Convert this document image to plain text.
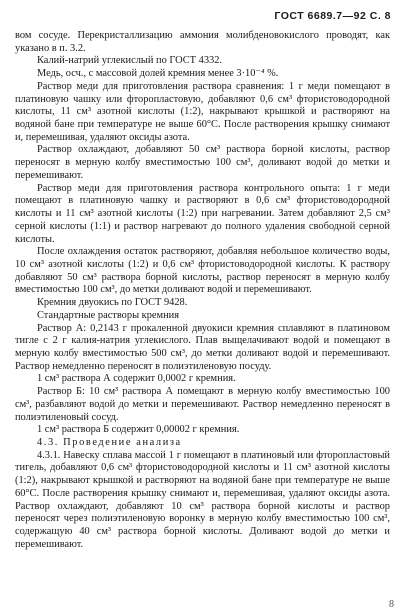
ГОСТ 6689.7—92 С. 8

вом сосуде. Перекристаллизацию аммония молибденовокислого проводят, как указано в п. 3.2.

Калий-натрий углекислый по ГОСТ 4332.

Медь, осч., с массовой долей кремния менее 3·10⁻⁴ %.

Раствор меди для приготовления раствора сравнения: 1 г меди помещают в платиновую чашку или фторопластовую, добавляют 0,6 см³ фтористоводородной кислоты, 11 см³ азотной кислоты (1:2), накрывают крышкой и растворяют на водяной бане при температуре не выше 60°С. После растворения крышку снимают и, перемешивая, удаляют оксиды азота.

Раствор охлаждают, добавляют 50 см³ раствора борной кислоты, раствор переносят в мерную колбу вместимостью 100 см³, доливают водой до метки и перемешивают.

Раствор меди для приготовления раствора контрольного опыта: 1 г меди помещают в платиновую чашку и растворяют в 0,6 см³ фтористоводородной кислоты и 11 см³ азотной кислоты (1:2) при нагревании. Затем добавляют 2,5 см³ серной кислоты (1:1) и раствор нагревают до полного удаления свободной серной кислоты.

После охлаждения остаток растворяют, добавляя небольшое количество воды, 10 см³ азотной кислоты (1:2) и 0,6 см³ фтористоводородной кислоты. К раствору добавляют 50 см³ раствора борной кислоты, раствор переносят в мерную колбу вместимостью 100 см³, до метки доливают водой и перемешивают.

Кремния двуокись по ГОСТ 9428.

Стандартные растворы кремния

Раствор А: 0,2143 г прокаленной двуокиси кремния сплавляют в платиновом тигле с 2 г калия-натрия углекислого. Плав выщелачивают водой и помещают в мерную колбу вместимостью 500 см³, до метки доливают водой и перемешивают. Раствор немедленно переносят в полиэтиленовую посуду.

1 см³ раствора А содержит 0,0002 г кремния.

Раствор Б: 10 см³ раствора А помещают в мерную колбу вместимостью 100 см³, разбавляют водой до метки и перемешивают. Раствор немедленно переносят в полиэтиленовый сосуд.

1 см³ раствора Б содержит 0,00002 г кремния.

4.3. Проведение анализа

4.3.1. Навеску сплава массой 1 г помещают в платиновый или фторопластовый тигель, добавляют 0,6 см³ фтористоводородной кислоты и 11 см³ азотной кислоты (1:2), накрывают крышкой и растворяют на водяной бане при температуре не выше 60°С. После растворения крышку снимают и, перемешивая, удаляют оксиды азота. Раствор охлаждают, добавляют 10 см³ раствора борной кислоты и раствор переносят через полиэтиленовую воронку в мерную колбу вместимостью 100 см³, содержащую 40 см³ раствора борной кислоты. Доливают водой до метки и перемешивают.

8
